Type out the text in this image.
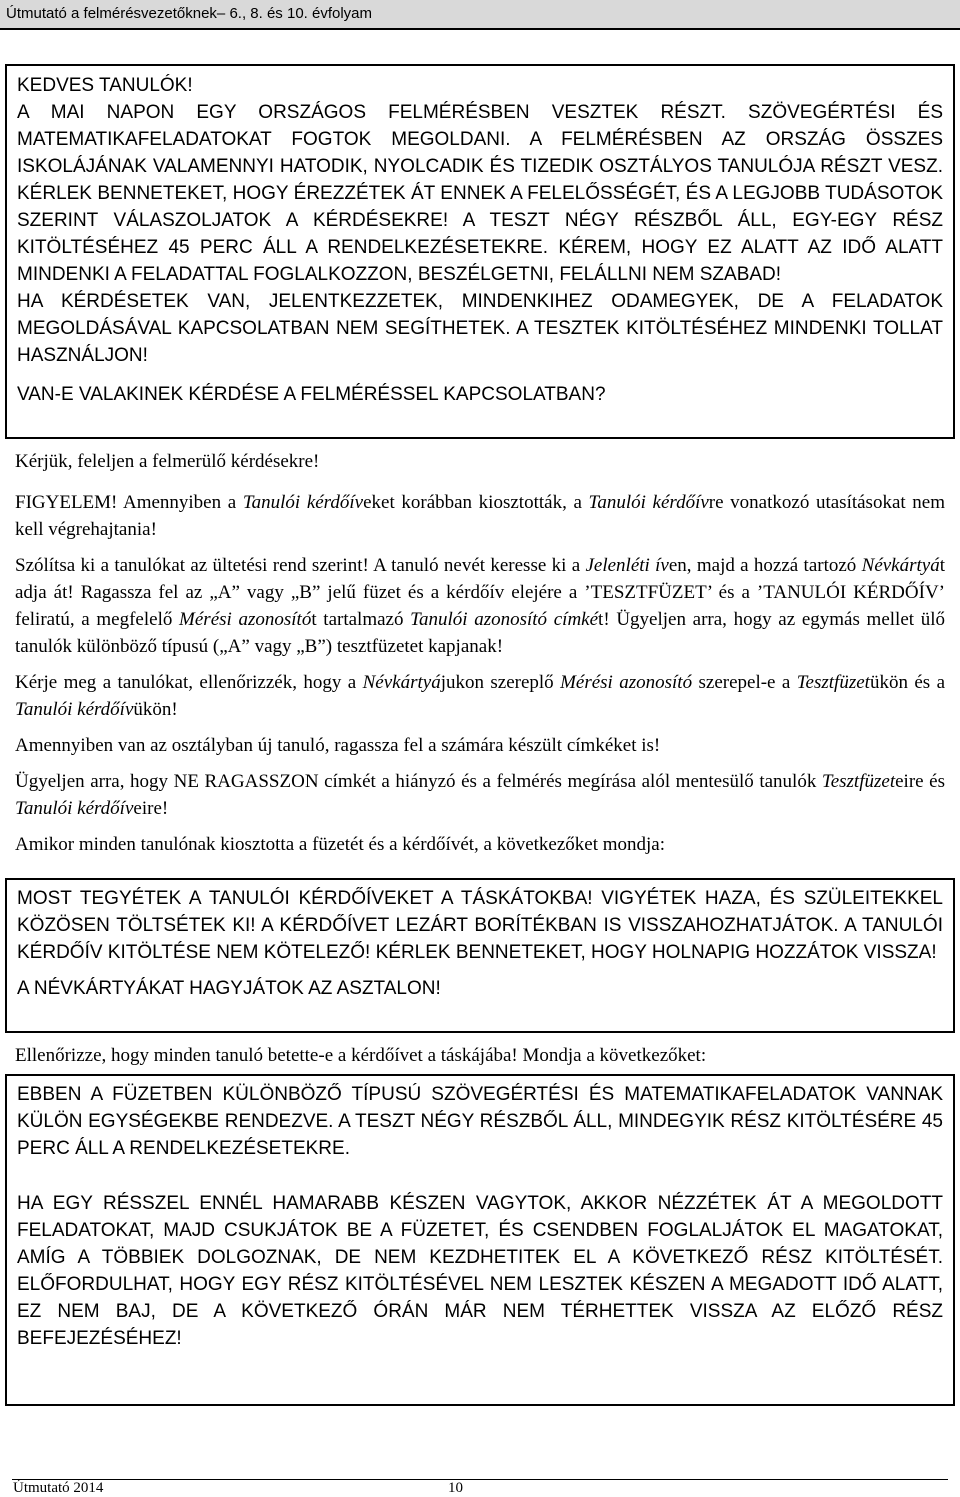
Útmutató a felmérésvezetőknek– 6., 8. és 10. évfolyam

KEDVES TANULÓK!

A MAI NAPON EGY ORSZÁGOS FELMÉRÉSBEN VESZTEK RÉSZT. SZÖVEGÉRTÉSI ÉS MATEMATIKAFELADATOKAT FOGTOK MEGOLDANI. A FELMÉRÉSBEN AZ ORSZÁG ÖSSZES ISKOLÁJÁNAK VALAMENNYI HATODIK, NYOLCADIK ÉS TIZEDIK OSZTÁLYOS TANULÓJA RÉSZT VESZ. KÉRLEK BENNETEKET, HOGY ÉREZZÉTEK ÁT ENNEK A FELELŐSSÉGÉT, ÉS A LEGJOBB TUDÁSOTOK SZERINT VÁLASZOLJATOK A KÉRDÉSEKRE! A TESZT NÉGY RÉSZBŐL ÁLL, EGY-EGY RÉSZ KITÖLTÉSÉHEZ 45 PERC ÁLL A RENDELKEZÉSETEKRE. KÉREM, HOGY EZ ALATT AZ IDŐ ALATT MINDENKI A FELADATTAL FOGLALKOZZON, BESZÉLGETNI, FELÁLLNI NEM SZABAD!

HA KÉRDÉSETEK VAN, JELENTKEZZETEK, MINDENKIHEZ ODAMEGYEK, DE A FELADATOK MEGOLDÁSÁVAL KAPCSOLATBAN NEM SEGÍTHETEK. A TESZTEK KITÖLTÉSÉHEZ MINDENKI TOLLAT HASZNÁLJON!

VAN-E VALAKINEK KÉRDÉSE A FELMÉRÉSSEL KAPCSOLATBAN?

Kérjük, feleljen a felmerülő kérdésekre!

FIGYELEM! Amennyiben a Tanulói kérdőíveket korábban kiosztották, a Tanulói kérdőívre vonatkozó utasításokat nem kell végrehajtania!

Szólítsa ki a tanulókat az ültetési rend szerint! A tanuló nevét keresse ki a Jelenléti íven, majd a hozzá tartozó Névkártyát adja át! Ragassza fel az „A” vagy „B” jelű füzet és a kérdőív elejére a ’TESZTFÜZET’ és a ’TANULÓI KÉRDŐÍV’ feliratú, a megfelelő Mérési azonosítót tartalmazó Tanulói azonosító címkét! Ügyeljen arra, hogy az egymás mellet ülő tanulók különböző típusú („A” vagy „B”) tesztfüzetet kapjanak!

Kérje meg a tanulókat, ellenőrizzék, hogy a Névkártyájukon szereplő Mérési azonosító szerepel-e a Tesztfüzetükön és a Tanulói kérdőívükön!

Amennyiben van az osztályban új tanuló, ragassza fel a számára készült címkéket is!

Ügyeljen arra, hogy NE RAGASSZON címkét a hiányzó és a felmérés megírása alól mentesülő tanulók Tesztfüzeteire és Tanulói kérdőíveire!

Amikor minden tanulónak kiosztotta a füzetét és a kérdőívét, a következőket mondja:

MOST TEGYÉTEK A TANULÓI KÉRDŐÍVEKET A TÁSKÁTOKBA! VIGYÉTEK HAZA, ÉS SZÜLEITEKKEL KÖZÖSEN TÖLTSÉTEK KI! A KÉRDŐÍVET LEZÁRT BORÍTÉKBAN IS VISSZAHOZHATJÁTOK. A TANULÓI KÉRDŐÍV KITÖLTÉSE NEM KÖTELEZŐ! KÉRLEK BENNETEKET, HOGY HOLNAPIG HOZZÁTOK VISSZA!

A NÉVKÁRTYÁKAT HAGYJÁTOK AZ ASZTALON!

Ellenőrizze, hogy minden tanuló betette-e a kérdőívet a táskájába! Mondja a következőket:

EBBEN A FÜZETBEN KÜLÖNBÖZŐ TÍPUSÚ SZÖVEGÉRTÉSI ÉS MATEMATIKAFELADATOK VANNAK KÜLÖN EGYSÉGEKBE RENDEZVE. A TESZT NÉGY RÉSZBŐL ÁLL, MINDEGYIK RÉSZ KITÖLTÉSÉRE 45 PERC ÁLL A RENDELKEZÉSETEKRE.

HA EGY RÉSSZEL ENNÉL HAMARABB KÉSZEN VAGYTOK, AKKOR NÉZZÉTEK ÁT A MEGOLDOTT FELADATOKAT, MAJD CSUKJÁTOK BE A FÜZETET, ÉS CSENDBEN FOGLALJÁTOK EL MAGATOKAT, AMÍG A TÖBBIEK DOLGOZNAK, DE NEM KEZDHETITEK EL A KÖVETKEZŐ RÉSZ KITÖLTÉSÉT. ELŐFORDULHAT, HOGY EGY RÉSZ KITÖLTÉSÉVEL NEM LESZTEK KÉSZEN A MEGADOTT IDŐ ALATT, EZ NEM BAJ, DE A KÖVETKEZŐ ÓRÁN MÁR NEM TÉRHETTEK VISSZA AZ ELŐZŐ RÉSZ BEFEJEZÉSÉHEZ!

Útmutató 2014	10
